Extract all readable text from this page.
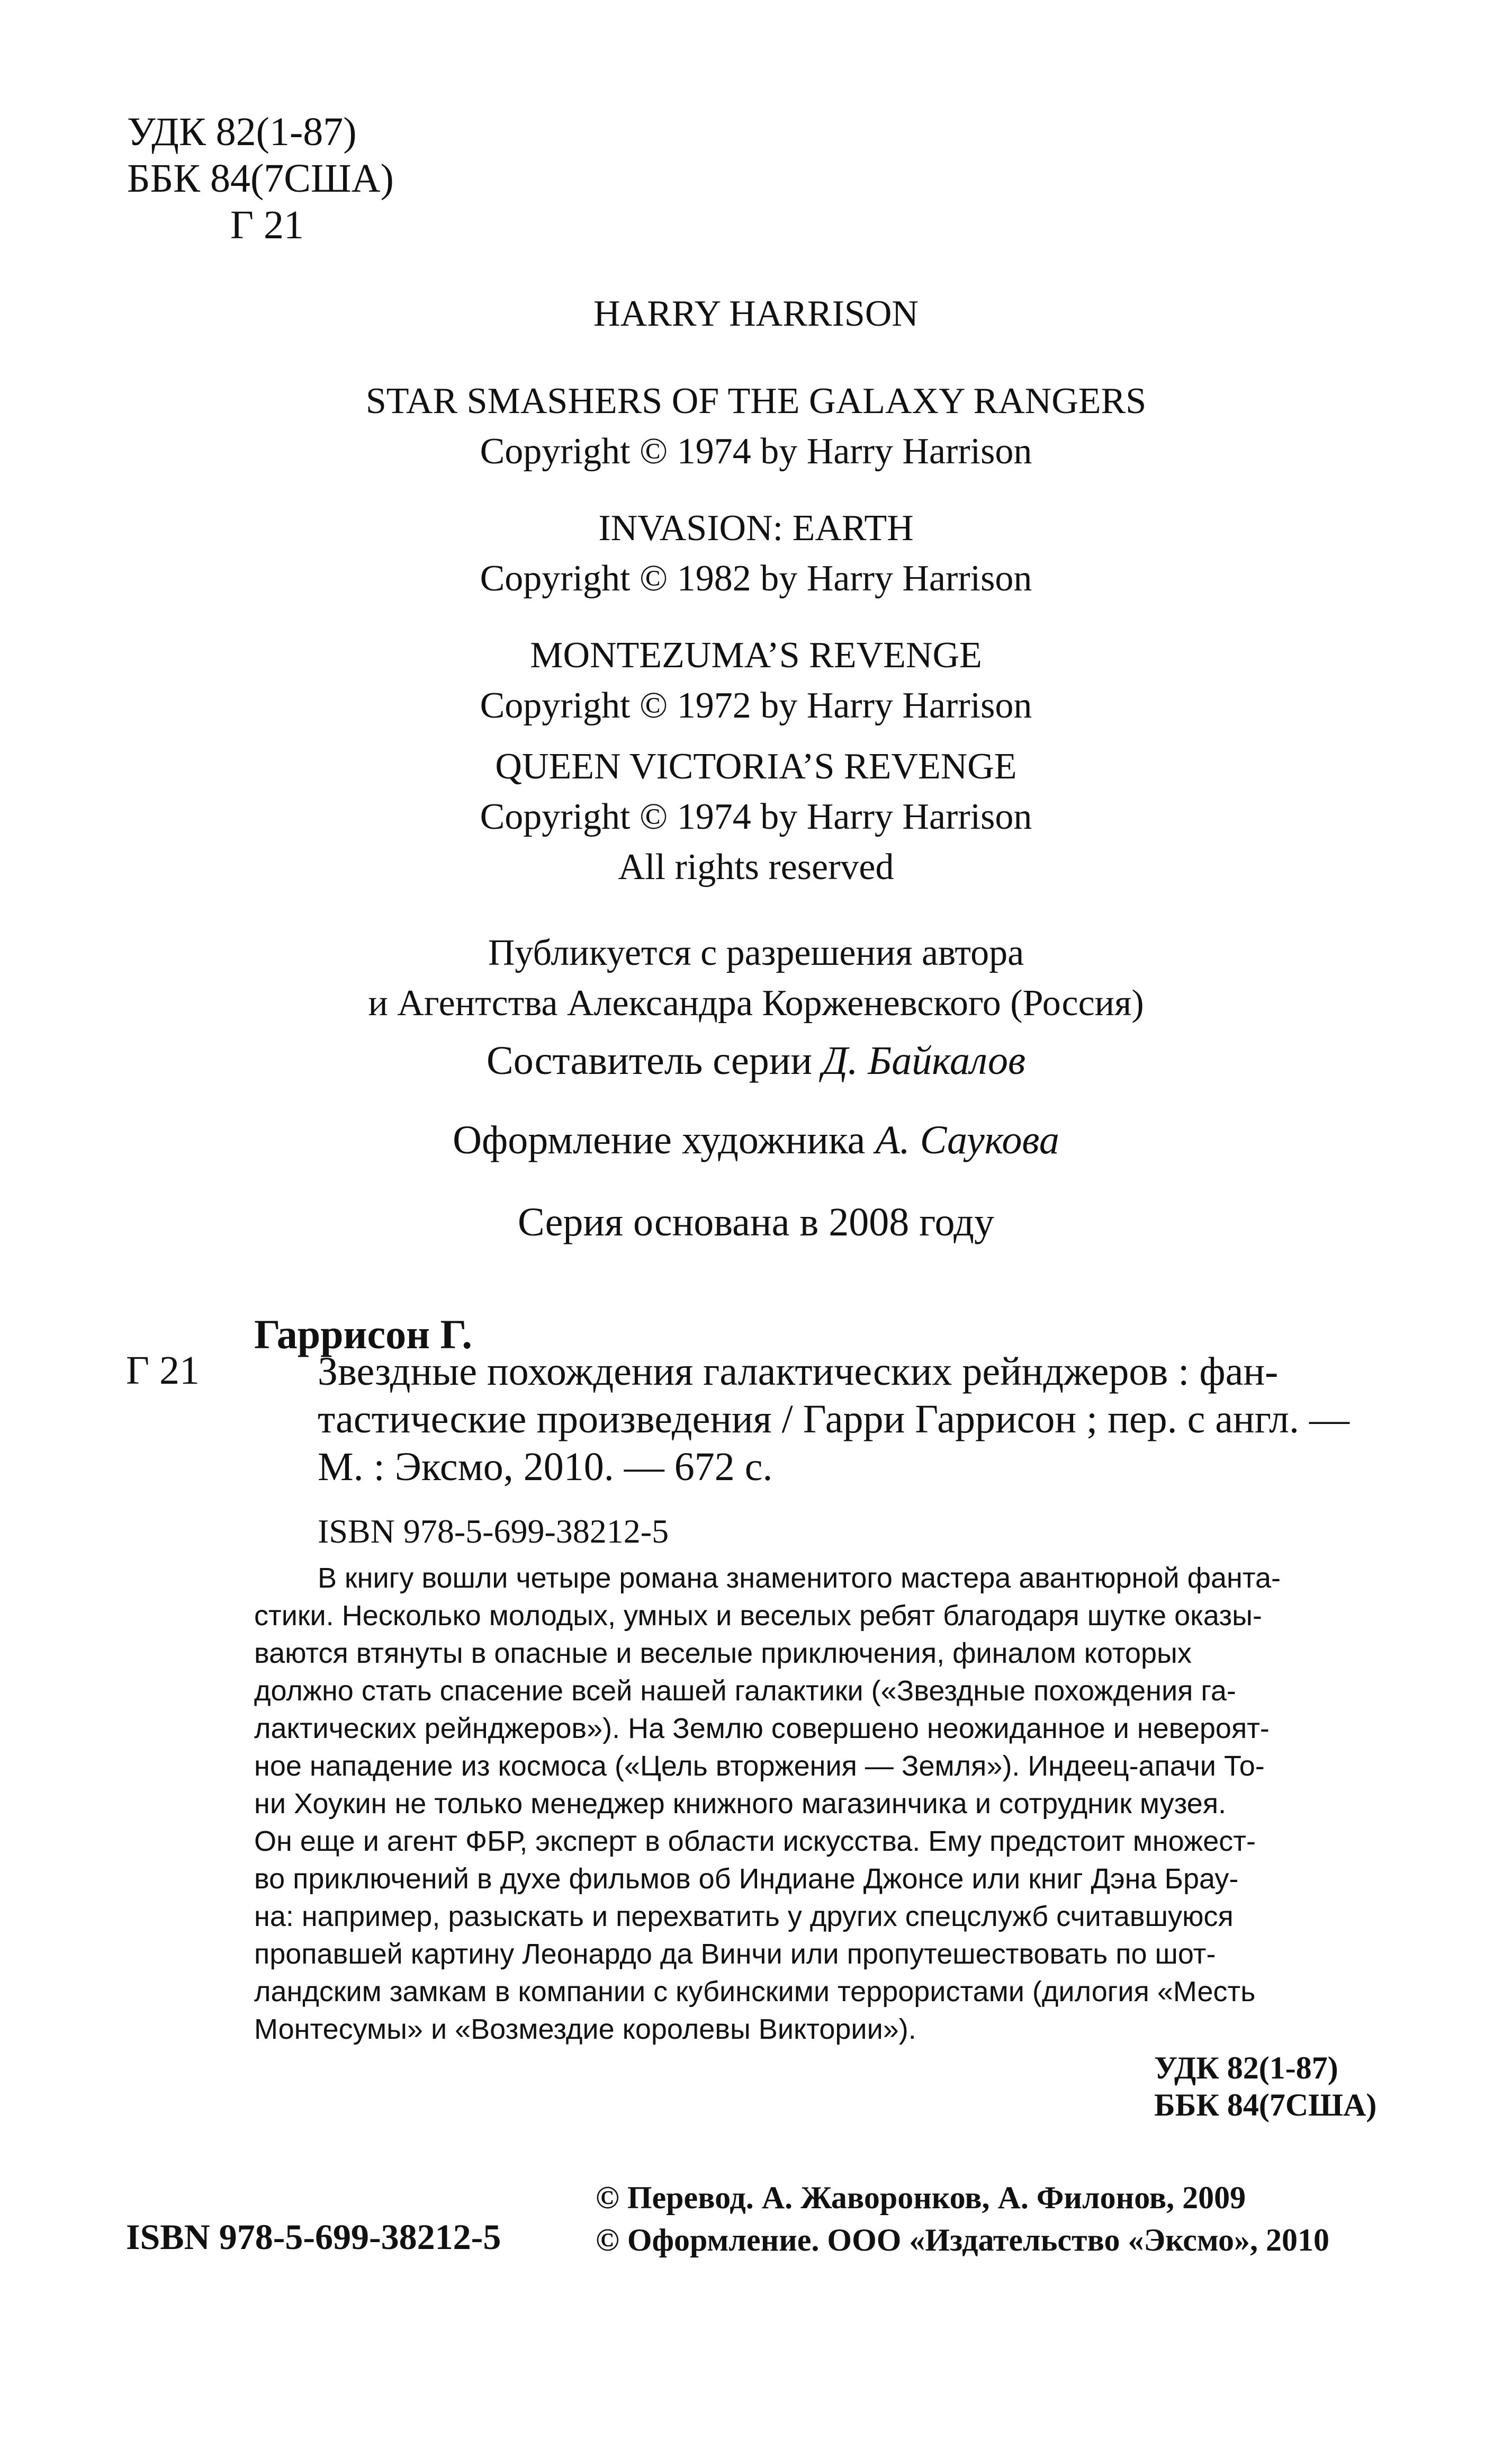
УДК 82(1-87)
ББК 84(7США)
Г 21
HARRY HARRISON
STAR SMASHERS OF THE GALAXY RANGERS
Copyright © 1974 by Harry Harrison
INVASION: EARTH
Copyright © 1982 by Harry Harrison
MONTEZUMA’S REVENGE
Copyright © 1972 by Harry Harrison
QUEEN VICTORIA’S REVENGE
Copyright © 1974 by Harry Harrison
All rights reserved
Публикуется с разрешения автора
и Агентства Александра Корженевского (Россия)
Составитель серии Д. Байкалов
Оформление художника А. Саукова
Серия основана в 2008 году
Гаррисон Г.
Г 21	Звездные похождения галактических рейнджеров : фан-
тастические произведения / Гарри Гаррисон ; пер. с англ. —
М. : Эксмо, 2010. — 672 с.
ISBN 978-5-699-38212-5
В книгу вошли четыре романа знаменитого мастера авантюрной фанта-
стики. Несколько молодых, умных и веселых ребят благодаря шутке оказы-
ваются втянуты в опасные и веселые приключения, финалом которых
должно стать спасение всей нашей галактики («Звездные похождения га-
лактических рейнджеров»). На Землю совершено неожиданное и невероят-
ное нападение из космоса («Цель вторжения — Земля»). Индеец-апачи То-
ни Хоукин не только менеджер книжного магазинчика и сотрудник музея.
Он еще и агент ФБР, эксперт в области искусства. Ему предстоит множест-
во приключений в духе фильмов об Индиане Джонсе или книг Дэна Брау-
на: например, разыскать и перехватить у других спецслужб считавшуюся
пропавшей картину Леонардо да Винчи или пропутешествовать по шот-
ландским замкам в компании с кубинскими террористами (дилогия «Месть
Монтесумы» и «Возмездие королевы Виктории»).
УДК 82(1-87)
ББК 84(7США)
ISBN 978-5-699-38212-5
© Перевод. А. Жаворонков, А. Филонов, 2009
© Оформление. ООО «Издательство «Эксмо», 2010
